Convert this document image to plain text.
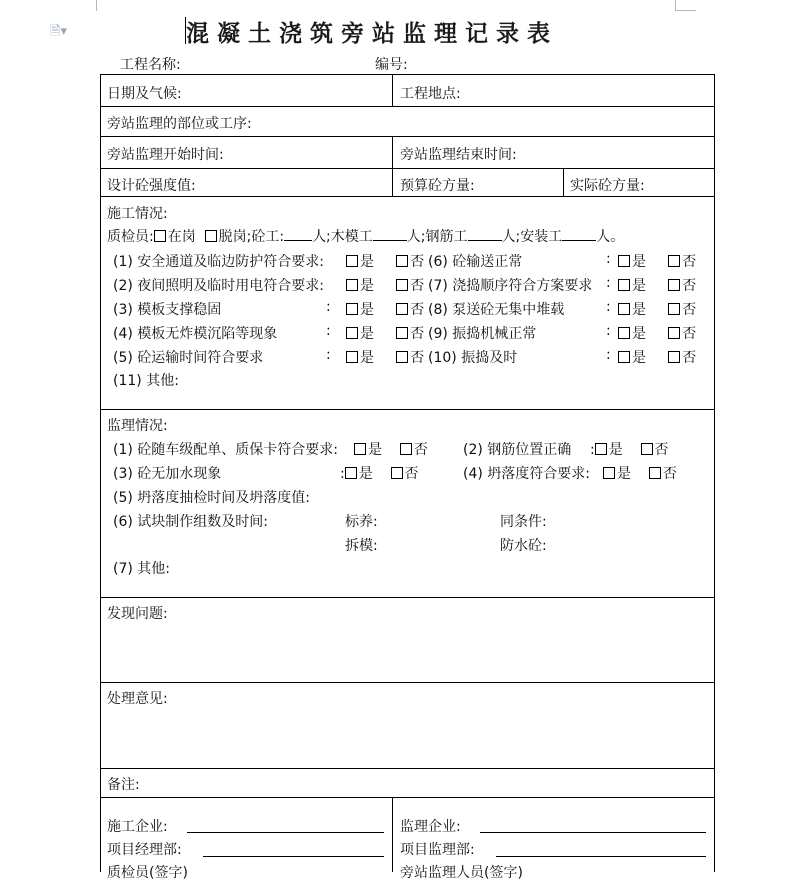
🗎▾	混凝土浇筑旁站监理记录表
工程名称:	编号:
日期及气候:	工程地点:
旁站监理的部位或工序:
旁站监理开始时间:	旁站监理结束时间:
设计砼强度值:	预算砼方量:	实际砼方量:
施工情况:
质检员: 在岗 脱岗;砼工: 人;木模工 人;钢筋工 人;安装工 人。
(1) 安全通道及临边防护符合要求:	是	否 (6) 砼输送正常	:	是	否
(2) 夜间照明及临时用电符合要求:	是	否 (7) 浇捣顺序符合方案要求 :	是	否
(3) 模板支撑稳固	:	是	否 (8) 泵送砼无集中堆载	:	是	否
(4) 模板无炸模沉陷等现象	:	是	否 (9) 振捣机械正常	:	是	否
(5) 砼运输时间符合要求	:	是	否 (10) 振捣及时	:	是	否
(11) 其他:
监理情况:
(1) 砼随车级配单、质保卡符合要求:	是 否	(2) 钢筋位置正确 : 是 否
(3) 砼无加水现象	: 是 否	(4) 坍落度符合要求:	是 否
(5) 坍落度抽检时间及坍落度值:
(6) 试块制作组数及时间:	标养:	同条件:
拆模:	防水砼:
(7) 其他:
发现问题:
处理意见:
备注:
施工企业:
项目经理部:
质检员(签字)
监理企业:
项目监理部:
旁站监理人员(签字)
